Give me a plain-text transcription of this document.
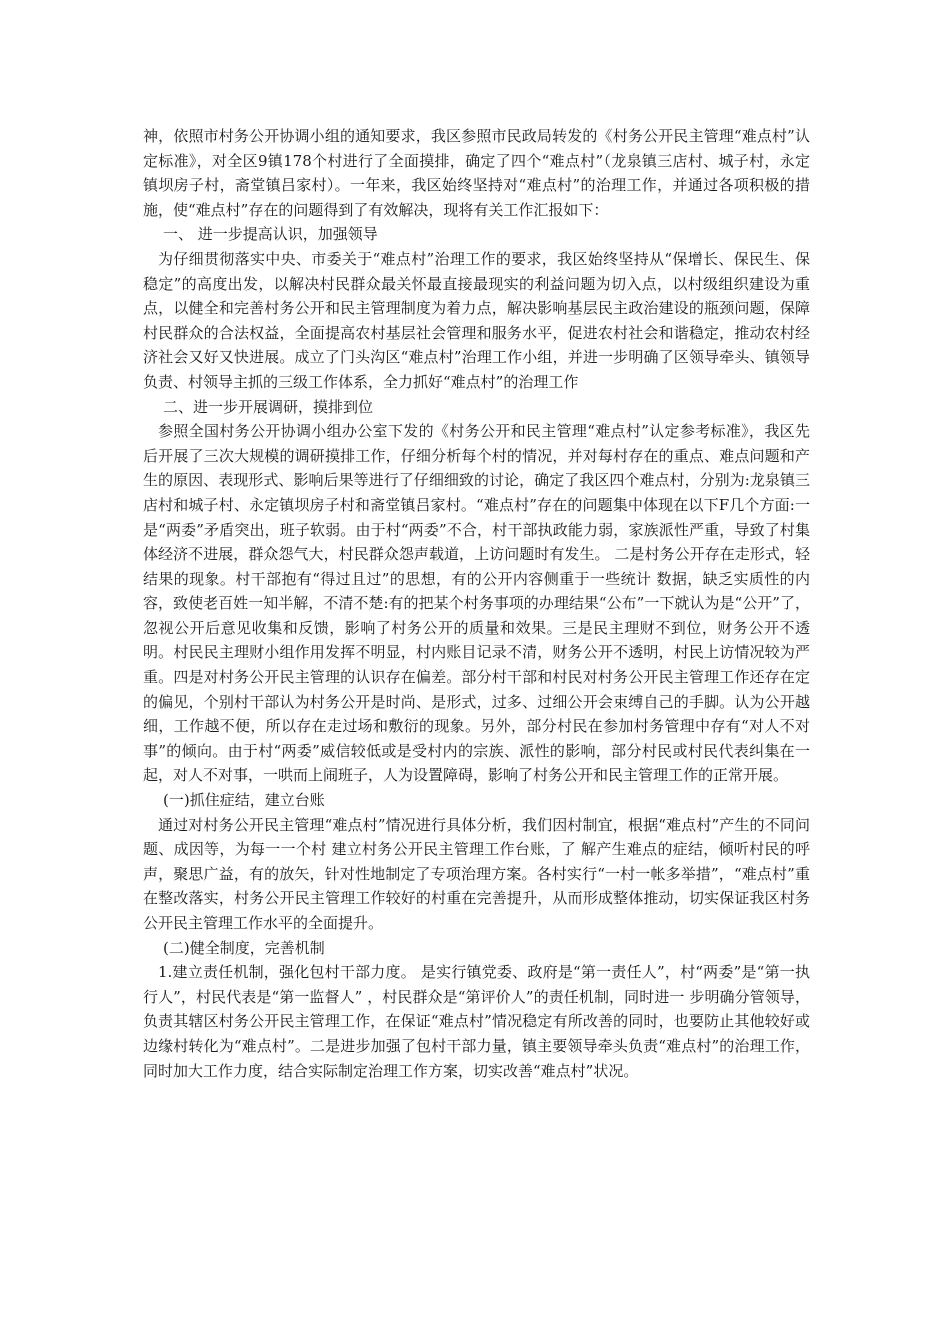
神，依照市村务公开协调小组的通知要求，我区参照市民政局转发的《村务公开民主管理“难点村”认定标准》，对全区9镇178个村进行了全面摸排，确定了四个“难点村”（龙泉镇三店村、城子村，永定镇坝房子村，斋堂镇吕家村）。一年来，我区始终坚持对“难点村”的治理工作，并通过各项积极的措施，使“难点村”存在的问题得到了有效解决，现将有关工作汇报如下：

一、 进一步提高认识，加强领导

为仔细贯彻落实中央、市委关于“难点村”治理工作的要求，我区始终坚持从“保增长、保民生、保稳定”的高度出发，以解决村民群众最关怀最直接最现实的利益问题为切入点，以村级组织建设为重点，以健全和完善村务公开和民主管理制度为着力点，解决影响基层民主政治建设的瓶颈问题，保障村民群众的合法权益，全面提高农村基层社会管理和服务水平，促进农村社会和谐稳定，推动农村经济社会又好又快进展。成立了门头沟区“难点村”治理工作小组，并进一步明确了区领导牵头、镇领导负责、村领导主抓的三级工作体系，全力抓好“难点村”的治理工作

二、进一步开展调研，摸排到位

参照全国村务公开协调小组办公室下发的《村务公开和民主管理“难点村”认定参考标准》，我区先后开展了三次大规模的调研摸排工作，仔细分析每个村的情况，并对每村存在的重点、难点问题和产生的原因、表现形式、影响后果等进行了仔细细致的讨论，确定了我区四个难点村，分别为:龙泉镇三店村和城子村、永定镇坝房子村和斋堂镇吕家村。“难点村”存在的问题集中体现在以下F几个方面:一是“两委”矛盾突出，班子软弱。由于村“两委”不合，村干部执政能力弱，家族派性严重，导致了村集体经济不进展，群众怨气大，村民群众怨声载道，上访问题时有发生。 二是村务公开存在走形式，轻结果的现象。村干部抱有“得过且过”的思想，有的公开内容侧重于一些统计 数据，缺乏实质性的内容，致使老百姓一知半解，不清不楚:有的把某个村务事项的办理结果“公布”一下就认为是“公开”了，忽视公开后意见收集和反馈，影响了村务公开的质量和效果。三是民主理财不到位，财务公开不透明。村民民主理财小组作用发挥不明显，村内账目记录不清，财务公开不透明，村民上访情况较为严重。四是对村务公开民主管理的认识存在偏差。部分村干部和村民对村务公开民主管理工作还存在定的偏见，个别村干部认为村务公开是时尚、是形式，过多、过细公开会束缚自己的手脚。认为公开越细，工作越不便，所以存在走过场和敷衍的现象。另外，部分村民在参加村务管理中存有“对人不对事”的倾向。由于村“两委”威信较低或是受村内的宗族、派性的影响，部分村民或村民代表纠集在一起，对人不对事，一哄而上闹班子，人为设置障碍，影响了村务公开和民主管理工作的正常开展。

(一)抓住症结，建立台账

通过对村务公开民主管理“难点村”情况进行具体分析，我们因村制宜，根据“难点村”产生的不同问题、成因等，为每一一个村 建立村务公开民主管理工作台账，了 解产生难点的症结，倾听村民的呼声，聚思广益，有的放矢，针对性地制定了专项治理方案。各村实行“一村一帐多举措”，“难点村”重在整改落实，村务公开民主管理工作较好的村重在完善提升，从而形成整体推动，切实保证我区村务公开民主管理工作水平的全面提升。

(二)健全制度，完善机制

1.建立责任机制，强化包村干部力度。 是实行镇党委、政府是“第一责任人”，村“两委”是“第一执行人”，村民代表是“第一监督人” ，村民群众是“第评价人”的责任机制，同时进一 步明确分管领导，负责其辖区村务公开民主管理工作，在保证“难点村”情况稳定有所改善的同时，也要防止其他较好或边缘村转化为“难点村”。二是进步加强了包村干部力量，镇主要领导牵头负责“难点村”的治理工作，同时加大工作力度，结合实际制定治理工作方案，切实改善“难点村”状况。
